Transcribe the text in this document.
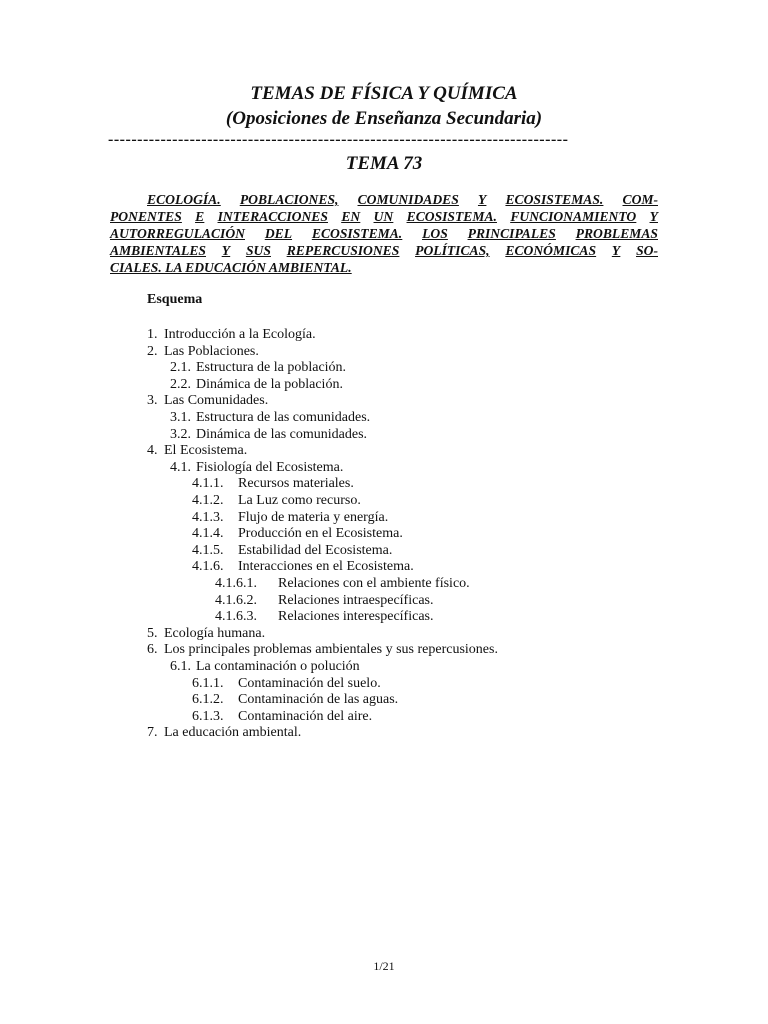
TEMAS DE FÍSICA Y QUÍMICA
(Oposiciones de Enseñanza Secundaria)
-------------------------------------------------------------------------------
TEMA 73
ECOLOGÍA. POBLACIONES, COMUNIDADES Y ECOSISTEMAS. COM-
PONENTES E INTERACCIONES EN UN ECOSISTEMA. FUNCIONAMIENTO Y
AUTORREGULACIÓN DEL ECOSISTEMA. LOS PRINCIPALES PROBLEMAS
AMBIENTALES Y SUS REPERCUSIONES POLÍTICAS, ECONÓMICAS Y SO-
CIALES. LA EDUCACIÓN AMBIENTAL.
Esquema
1. Introducción a la Ecología.
2. Las Poblaciones.
2.1. Estructura de la población.
2.2. Dinámica de la población.
3. Las Comunidades.
3.1. Estructura de las comunidades.
3.2. Dinámica de las comunidades.
4. El Ecosistema.
4.1. Fisiología del Ecosistema.
4.1.1.	Recursos materiales.
4.1.2.	La Luz como recurso.
4.1.3.	Flujo de materia y energía.
4.1.4.	Producción en el Ecosistema.
4.1.5.	Estabilidad del Ecosistema.
4.1.6.	Interacciones en el Ecosistema.
4.1.6.1.	Relaciones con el ambiente físico.
4.1.6.2.	Relaciones intraespecíficas.
4.1.6.3.	Relaciones interespecíficas.
5. Ecología humana.
6. Los principales problemas ambientales y sus repercusiones.
6.1. La contaminación o polución
6.1.1.	Contaminación del suelo.
6.1.2.	Contaminación de las aguas.
6.1.3.	Contaminación del aire.
7. La educación ambiental.
1/21
